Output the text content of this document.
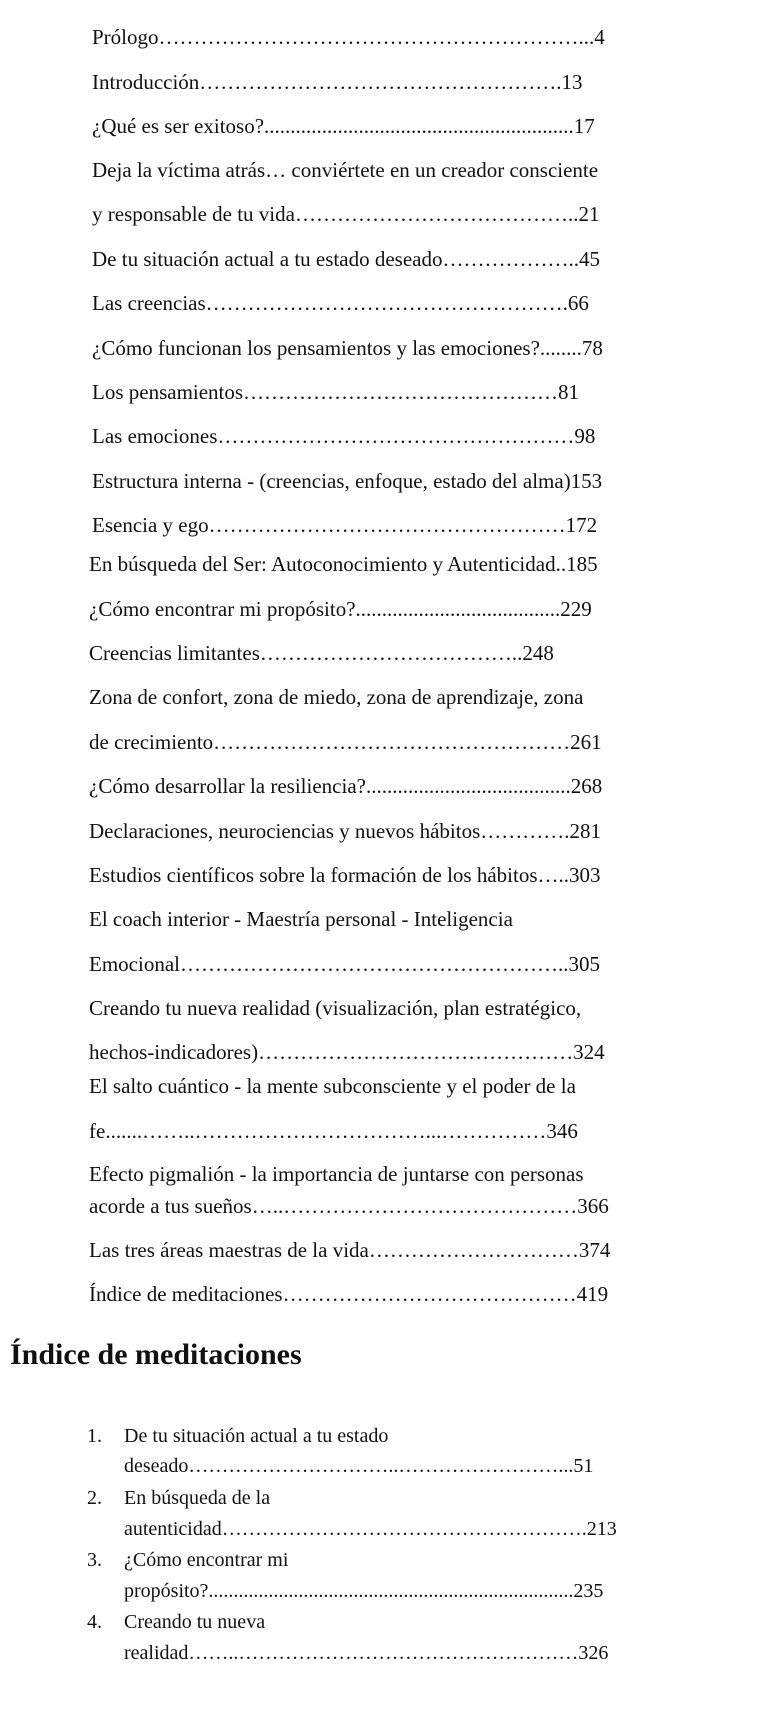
Prólogo……………………………………………………...4

Introducción…………………………………………….13

¿Qué es ser exitoso?...........................................................17

Deja la víctima atrás… conviértete en un creador consciente

y responsable de tu vida…………………………………..21

De tu situación actual a tu estado deseado………………..45

Las creencias…………………………………………….66

¿Cómo funcionan los pensamientos y las emociones?........78

Los pensamientos………………………………………81

Las emociones……………………………………………98

Estructura interna - (creencias, enfoque, estado del alma)153

Esencia y ego……………………………………………172

En búsqueda del Ser: Autoconocimiento y Autenticidad..185

¿Cómo encontrar mi propósito?.......................................229

Creencias limitantes………………………………..248

Zona de confort, zona de miedo, zona de aprendizaje, zona

de crecimiento……………………………………………261

¿Cómo desarrollar la resiliencia?.......................................268

Declaraciones, neurociencias y nuevos hábitos………….281

Estudios científicos sobre la formación de los hábitos…..303

El coach interior - Maestría personal - Inteligencia

Emocional………………………………………………..305

Creando tu nueva realidad (visualización, plan estratégico,

hechos-indicadores)………………………………………324

El salto cuántico - la mente subconsciente y el poder de la

fe.......……..……………………………...……………346

Efecto pigmalión - la importancia de juntarse con personas

acorde a tus sueños…..……………………………………366

Las tres áreas maestras de la vida…………………………374

Índice de meditaciones……………………………………419

Índice de meditaciones
1. De tu situación actual a tu estado
deseado…………………………..……………………...51
2. En búsqueda de la
autenticidad……………………………………………….213
3. ¿Cómo encontrar mi
propósito?.........................................................................235
4. Creando tu nueva
realidad……..……………………………………………326
